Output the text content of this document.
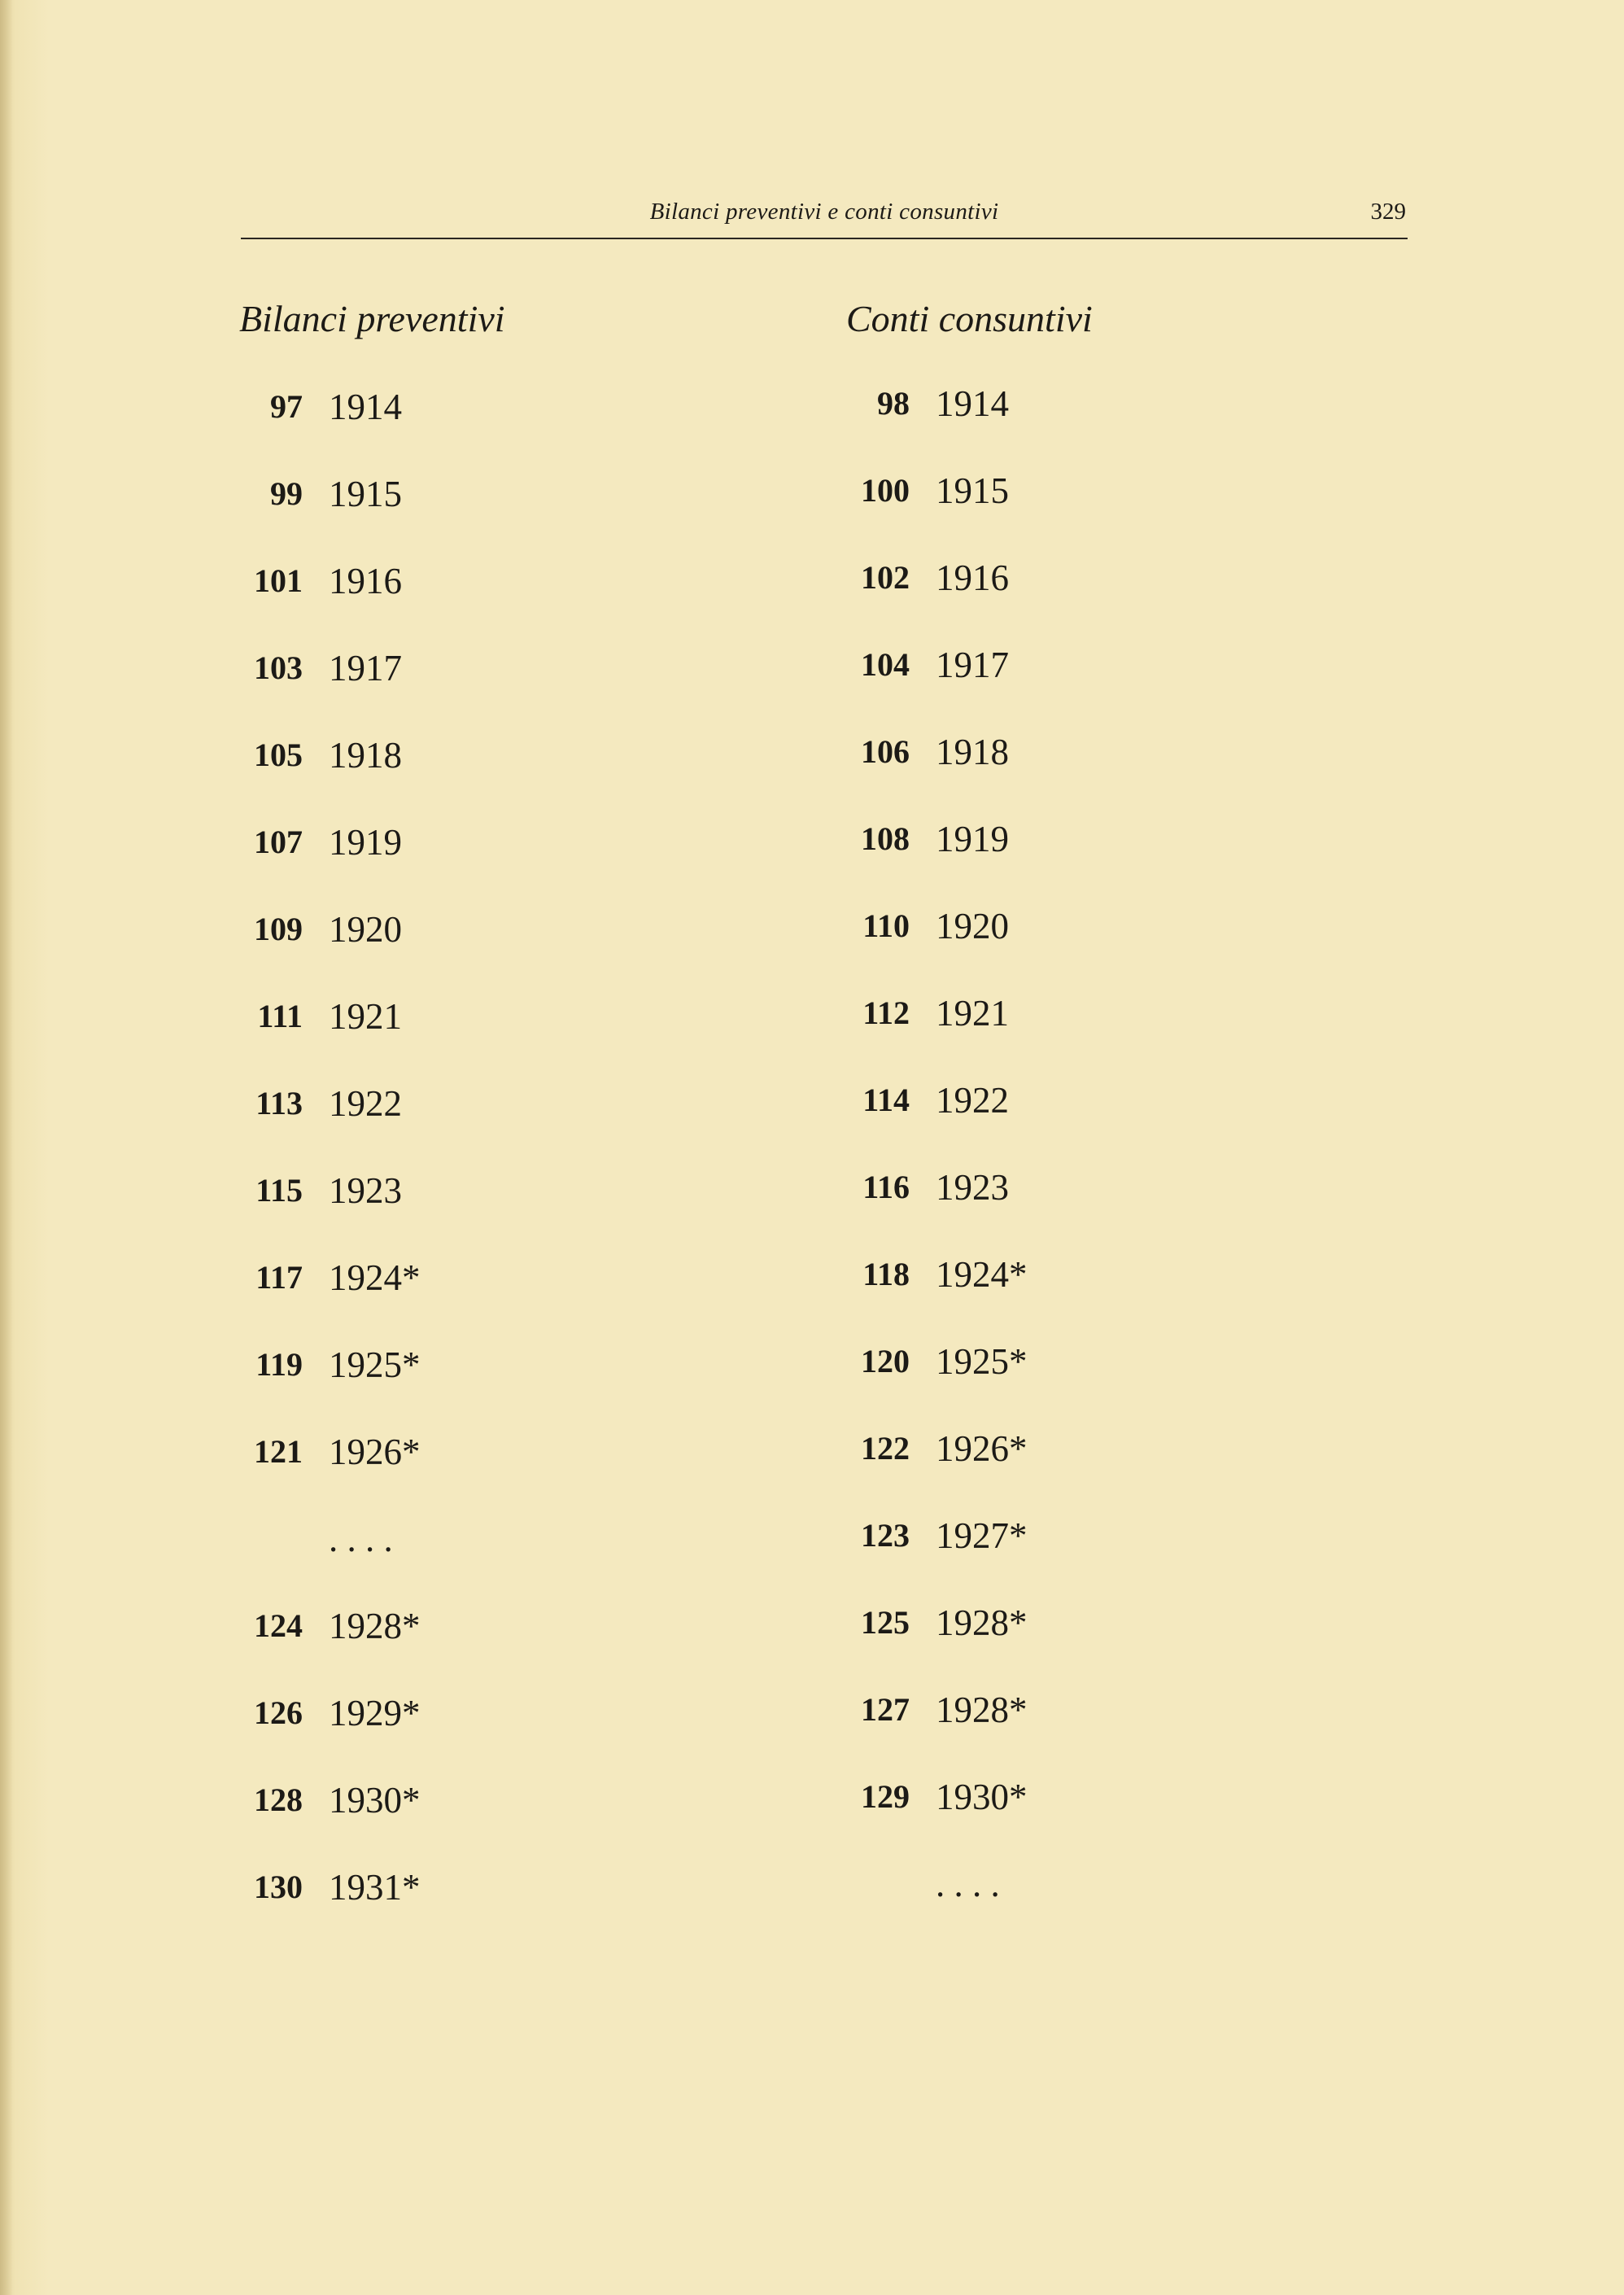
Bilanci preventivi e conti consuntivi	329
Bilanci preventivi
97 1914
99 1915
101 1916
103 1917
105 1918
107 1919
109 1920
111 1921
113 1922
115 1923
117 1924*
119 1925*
121 1926*
. . . .
124 1928*
126 1929*
128 1930*
130 1931*
Conti consuntivi
98 1914
100 1915
102 1916
104 1917
106 1918
108 1919
110 1920
112 1921
114 1922
116 1923
118 1924*
120 1925*
122 1926*
123 1927*
125 1928*
127 1928*
129 1930*
. . . .
